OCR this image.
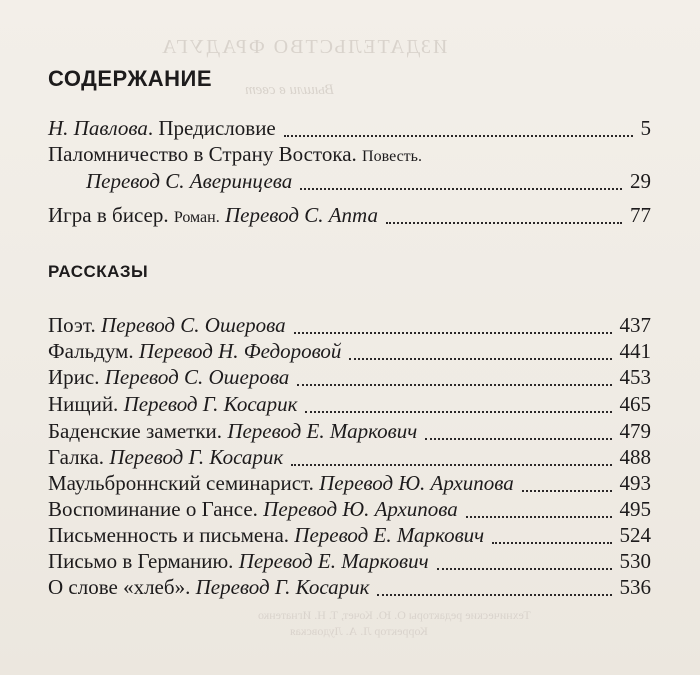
ИЗДАТЕЛЬСТВО ФРАДУГА
Вышли в свет
СОДЕРЖАНИЕ
Н. Павлова. Предисловие	5
Паломничество в Страну Востока. Повесть.
Перевод С. Аверинцева	29
Игра в бисер. Роман. Перевод С. Апта	77
РАССКАЗЫ
Поэт. Перевод С. Ошерова	437
Фальдум. Перевод Н. Федоровой	441
Ирис. Перевод С. Ошерова	453
Нищий. Перевод Г. Косарик	465
Баденские заметки. Перевод Е. Маркович	479
Галка. Перевод Г. Косарик	488
Маульброннский семинарист. Перевод Ю. Архипова	493
Воспоминание о Гансе. Перевод Ю. Архипова	495
Письменность и письмена. Перевод Е. Маркович	524
Письмо в Германию. Перевод Е. Маркович	530
О слове «хлеб». Перевод Г. Косарик	536
Технические редакторы О. Ю. Кочет, Т. Н. Игнатенко
Корректор Л. А. Лудовская
